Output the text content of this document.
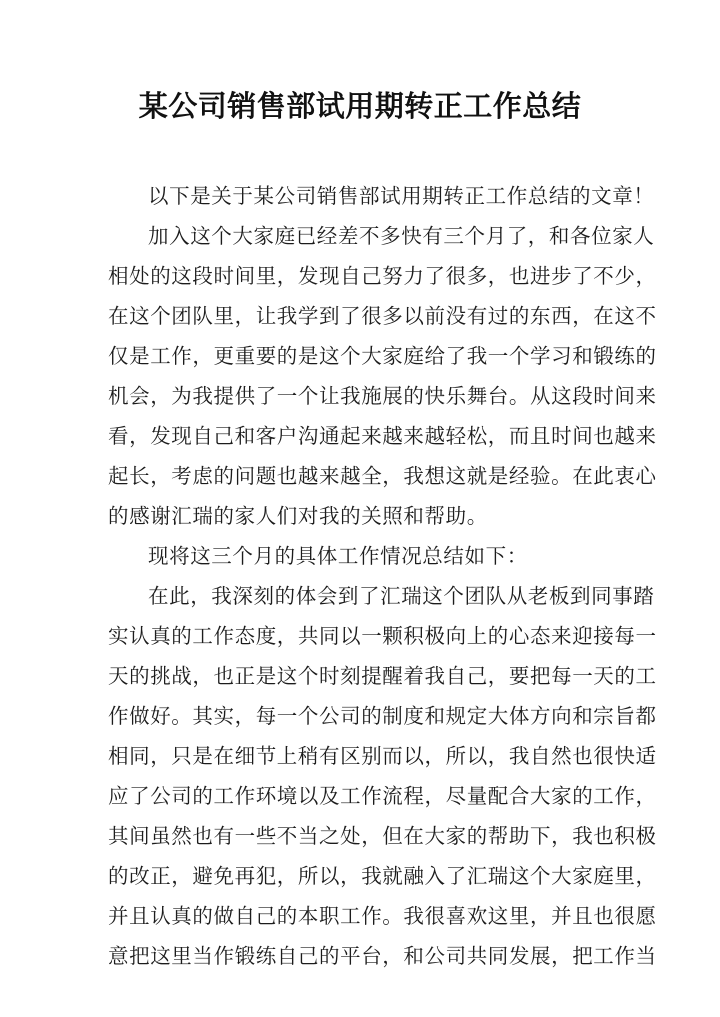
某公司销售部试用期转正工作总结
以下是关于某公司销售部试用期转正工作总结的文章！
加入这个大家庭已经差不多快有三个月了，和各位家人
相处的这段时间里，发现自己努力了很多，也进步了不少，
在这个团队里，让我学到了很多以前没有过的东西，在这不
仅是工作，更重要的是这个大家庭给了我一个学习和锻练的
机会，为我提供了一个让我施展的快乐舞台。从这段时间来
看，发现自己和客户沟通起来越来越轻松，而且时间也越来
起长，考虑的问题也越来越全，我想这就是经验。在此衷心
的感谢汇瑞的家人们对我的关照和帮助。
现将这三个月的具体工作情况总结如下：
在此，我深刻的体会到了汇瑞这个团队从老板到同事踏
实认真的工作态度，共同以一颗积极向上的心态来迎接每一
天的挑战，也正是这个时刻提醒着我自己，要把每一天的工
作做好。其实，每一个公司的制度和规定大体方向和宗旨都
相同，只是在细节上稍有区别而以，所以，我自然也很快适
应了公司的工作环境以及工作流程，尽量配合大家的工作，
其间虽然也有一些不当之处，但在大家的帮助下，我也积极
的改正，避免再犯，所以，我就融入了汇瑞这个大家庭里，
并且认真的做自己的本职工作。我很喜欢这里，并且也很愿
意把这里当作锻练自己的平台，和公司共同发展，把工作当
